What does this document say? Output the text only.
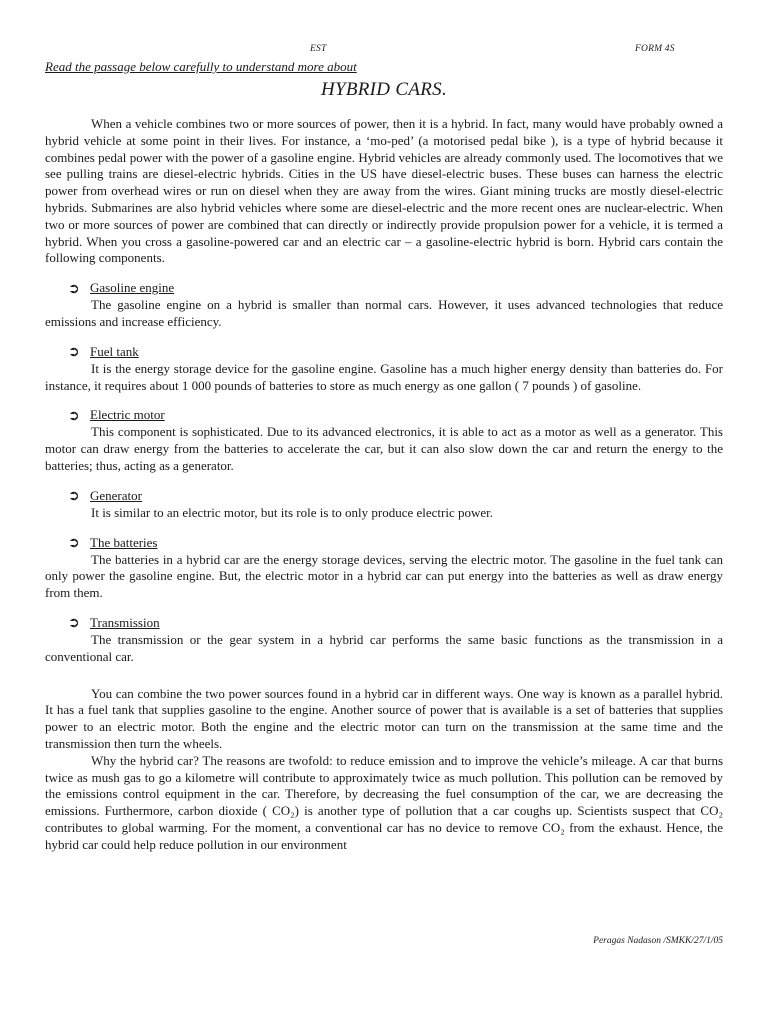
EST	FORM 4S
Read the passage below carefully to understand more about
HYBRID CARS.

When a vehicle combines two or more sources of power, then it is a hybrid. In fact, many would have probably owned a hybrid vehicle at some point in their lives. For instance, a ‘mo-ped’ (a motorised pedal bike ), is a type of hybrid because it combines pedal power with the power of a gasoline engine. Hybrid vehicles are already commonly used. The locomotives that we see pulling trains are diesel-electric hybrids. Cities in the US have diesel-electric buses. These buses can harness the electric power from overhead wires or run on diesel when they are away from the wires. Giant mining trucks are mostly diesel-electric hybrids. Submarines are also hybrid vehicles where some are diesel-electric and the more recent ones are nuclear-electric. When two or more sources of power are combined that can directly or indirectly provide propulsion power for a vehicle, it is termed a hybrid. When you cross a gasoline-powered car and an electric car – a gasoline-electric hybrid is born. Hybrid cars contain the following components.

➲ Gasoline engine

The gasoline engine on a hybrid is smaller than normal cars. However, it uses advanced technologies that reduce emissions and increase efficiency.

➲ Fuel tank

It is the energy storage device for the gasoline engine. Gasoline has a much higher energy density than batteries do. For instance, it requires about 1 000 pounds of batteries to store as much energy as one gallon ( 7 pounds ) of gasoline.

➲ Electric motor

This component is sophisticated. Due to its advanced electronics, it is able to act as a motor as well as a generator. This motor can draw energy from the batteries to accelerate the car, but it can also slow down the car and return the energy to the batteries; thus, acting as a generator.

➲ Generator

It is similar to an electric motor, but its role is to only produce electric power.

➲ The batteries

The batteries in a hybrid car are the energy storage devices, serving the electric motor. The gasoline in the fuel tank can only power the gasoline engine. But, the electric motor in a hybrid car can put energy into the batteries as well as draw energy from them.

➲ Transmission

The transmission or the gear system in a hybrid car performs the same basic functions as the transmission in a conventional car.

You can combine the two power sources found in a hybrid car in different ways. One way is known as a parallel hybrid. It has a fuel tank that supplies gasoline to the engine. Another source of power that is available is a set of batteries that supplies power to an electric motor. Both the engine and the electric motor can turn on the transmission at the same time and the transmission then turn the wheels.

Why the hybrid car? The reasons are twofold: to reduce emission and to improve the vehicle’s mileage. A car that burns twice as mush gas to go a kilometre will contribute to approximately twice as much pollution. This pollution can be removed by the emissions control equipment in the car. Therefore, by decreasing the fuel consumption of the car, we are decreasing the emissions. Furthermore, carbon dioxide ( CO₂) is another type of pollution that a car coughs up. Scientists suspect that CO₂ contributes to global warming. For the moment, a conventional car has no device to remove CO₂ from the exhaust. Hence, the hybrid car could help reduce pollution in our environment

Peragas Nadason /SMKK/27/1/05
